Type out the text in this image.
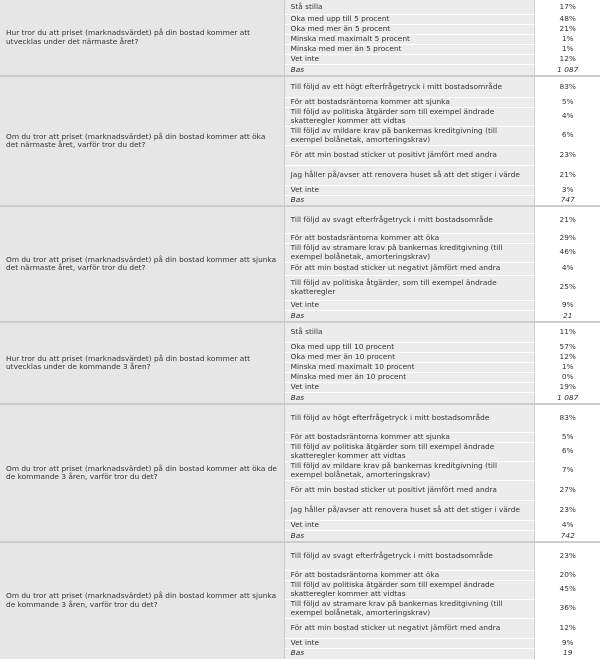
Hur tror du att priset (marknadsvärdet) på din bostad kommer att utvecklas under det närmaste året?	Stå stilla	17%
	Öka med upp till 5 procent	48%
	Öka med mer än 5 procent	21%
	Minska med maximalt 5 procent	1%
	Minska med mer än 5 procent	1%
	Vet inte	12%
	Bas	1 087
Om du tror att priset (marknadsvärdet) på din bostad kommer att öka det närmaste året, varför tror du det?	Till följd av ett högt efterfrågetryck i mitt bostadsområde	83%
	För att bostadsräntorna kommer att sjunka	5%
	Till följd av politiska åtgärder som till exempel ändrade skatteregler kommer att vidtas	4%
	Till följd av mildare krav på bankernas kreditgivning (till exempel bolånetak, amorteringskrav)	6%
	För att min bostad sticker ut positivt jämfört med andra	23%
	Jag håller på/avser att renovera huset så att det stiger i värde	21%
	Vet inte	3%
	Bas	747
Om du tror att priset (marknadsvärdet) på din bostad kommer att sjunka det närmaste året, varför tror du det?	Till följd av svagt efterfrågetryck i mitt bostadsområde	21%
	För att bostadsräntorna kommer att öka	29%
	Till följd av stramare krav på bankernas kreditgivning (till exempel bolånetak, amorteringskrav)	46%
	För att min bostad sticker ut negativt jämfört med andra	4%
	Till följd av politiska åtgärder, som till exempel ändrade skatteregler	25%
	Vet inte	9%
	Bas	21
Hur tror du att priset (marknadsvärdet) på din bostad kommer att utvecklas under de kommande 3 åren?	Stå stilla	11%
	Öka med upp till 10 procent	57%
	Öka med mer än 10 procent	12%
	Minska med maximalt 10 procent	1%
	Minska med mer än 10 procent	0%
	Vet inte	19%
	Bas	1 087
Om du tror att priset (marknadsvärdet) på din bostad kommer att öka de de kommande 3 åren, varför tror du det?	Till följd av högt efterfrågetryck i mitt bostadsområde	83%
	För att bostadsräntorna kommer att sjunka	5%
	Till följd av politiska åtgärder som till exempel ändrade skatteregler kommer att vidtas	6%
	Till följd av mildare krav på bankernas kreditgivning (till exempel bolånetak, amorteringskrav)	7%
	För att min bostad sticker ut positivt jämfört med andra	27%
	Jag håller på/avser att renovera huset så att det stiger i värde	23%
	Vet inte	4%
	Bas	742
Om du tror att priset (marknadsvärdet) på din bostad kommer att sjunka de kommande 3 åren, varför tror du det?	Till följd av svagt efterfrågetryck i mitt bostadsområde	23%
	För att bostadsräntorna kommer att öka	20%
	Till följd av politiska åtgärder som till exempel ändrade skatteregler kommer att vidtas	45%
	Till följd av stramare krav på bankernas kreditgivning (till exempel bolånetak, amorteringskrav)	36%
	För att min bostad sticker ut negativt jämfört med andra	12%
	Vet inte	9%
	Bas	19
